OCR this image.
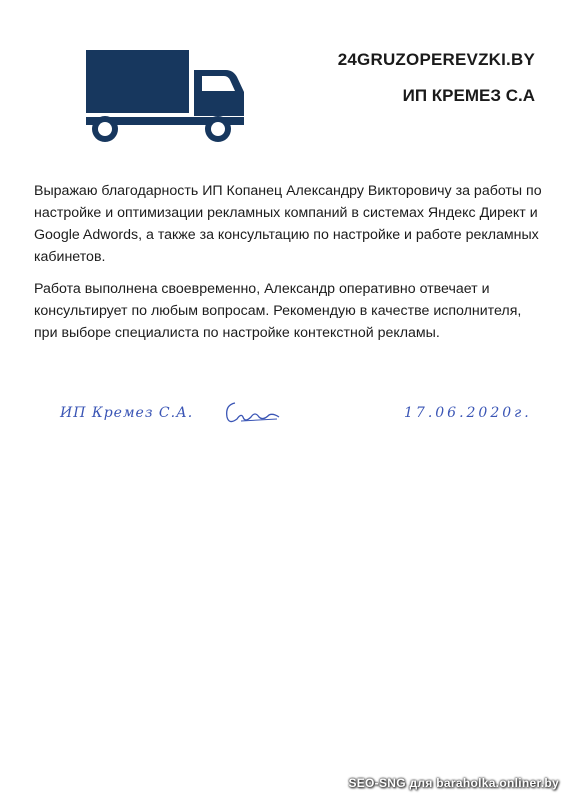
24GRUZOPEREVZKI.BY
ИП КРЕМЕЗ С.А

Выражаю благодарность ИП Копанец Александру Викторовичу за работы по настройке и оптимизации рекламных компаний в системах Яндекс Директ и Google Adwords, а также за консультацию по настройке и работе рекламных кабинетов.

Работа выполнена своевременно, Александр оперативно отвечает и консультирует по любым вопросам. Рекомендую в качестве исполнителя, при выборе специалиста по настройке контекстной рекламы.

ИП Кремез С.А.	17.06.2020г.
SEO-SNG для baraholka.onliner.by
